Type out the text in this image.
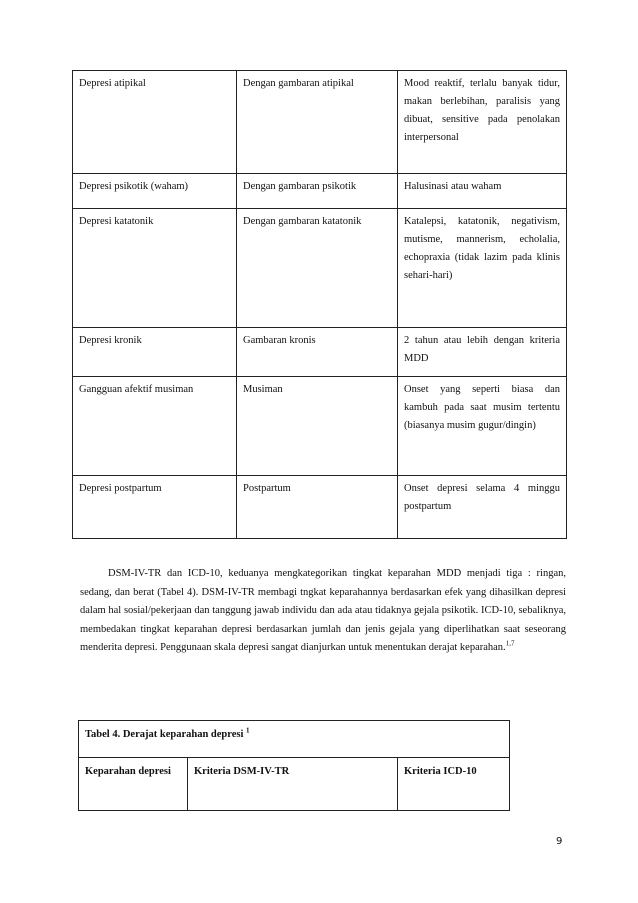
Depresi atipikal	Dengan gambaran atipikal	Mood reaktif, terlalu banyak tidur, makan berlebihan, paralisis yang dibuat, sensitive pada penolakan interpersonal
Depresi psikotik (waham)	Dengan gambaran psikotik	Halusinasi atau waham
Depresi katatonik	Dengan gambaran katatonik	Katalepsi, katatonik, negativism, mutisme, mannerism, echolalia, echopraxia (tidak lazim pada klinis sehari-hari)
Depresi kronik	Gambaran kronis	2 tahun atau lebih dengan kriteria MDD
Gangguan afektif musiman	Musiman	Onset yang seperti biasa dan kambuh pada saat musim tertentu (biasanya musim gugur/dingin)
Depresi postpartum	Postpartum	Onset depresi selama 4 minggu postpartum

DSM-IV-TR dan ICD-10, keduanya mengkategorikan tingkat keparahan MDD menjadi tiga : ringan, sedang, dan berat (Tabel 4). DSM-IV-TR membagi tngkat keparahannya berdasarkan efek yang dihasilkan depresi dalam hal sosial/pekerjaan dan tanggung jawab individu dan ada atau tidaknya gejala psikotik. ICD-10, sebaliknya, membedakan tingkat keparahan depresi berdasarkan jumlah dan jenis gejala yang diperlihatkan saat seseorang menderita depresi. Penggunaan skala depresi sangat dianjurkan untuk menentukan derajat keparahan.$^{1,7}$

Tabel 4. Derajat keparahan depresi $^1$
Keparahan depresi	Kriteria DSM-IV-TR	Kriteria ICD-10
9
